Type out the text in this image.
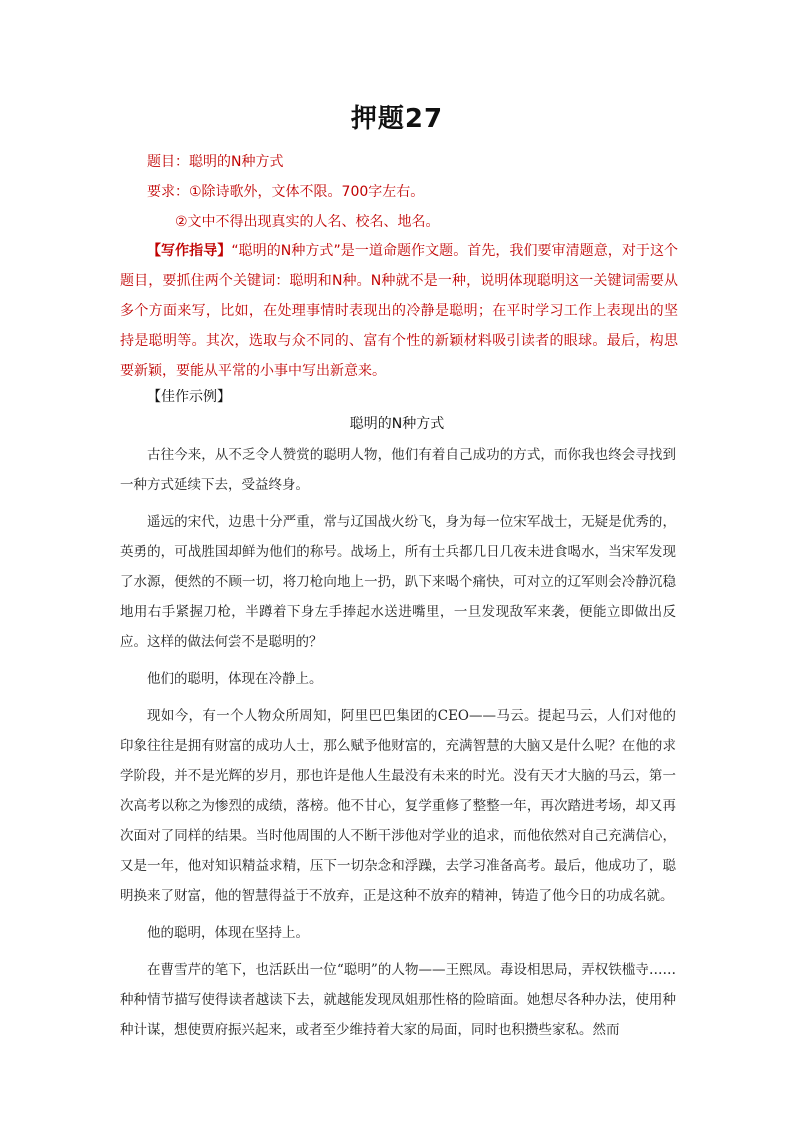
押题27
题目：聪明的N种方式
要求：①除诗歌外，文体不限。700字左右。
②文中不得出现真实的人名、校名、地名。

【写作指导】“聪明的N种方式”是一道命题作文题。首先，我们要审清题意，对于这个题目，要抓住两个关键词：聪明和N种。N种就不是一种，说明体现聪明这一关键词需要从多个方面来写，比如，在处理事情时表现出的冷静是聪明；在平时学习工作上表现出的坚持是聪明等。其次，选取与众不同的、富有个性的新颖材料吸引读者的眼球。最后，构思要新颖，要能从平常的小事中写出新意来。

【佳作示例】
聪明的N种方式

古往今来，从不乏令人赞赏的聪明人物，他们有着自己成功的方式，而你我也终会寻找到一种方式延续下去，受益终身。

遥远的宋代，边患十分严重，常与辽国战火纷飞，身为每一位宋军战士，无疑是优秀的，英勇的，可战胜国却鲜为他们的称号。战场上，所有士兵都几日几夜未进食喝水，当宋军发现了水源，便然的不顾一切，将刀枪向地上一扔，趴下来喝个痛快，可对立的辽军则会冷静沉稳地用右手紧握刀枪，半蹲着下身左手捧起水送进嘴里，一旦发现敌军来袭，便能立即做出反应。这样的做法何尝不是聪明的？

他们的聪明，体现在冷静上。

现如今，有一个人物众所周知，阿里巴巴集团的CEO——马云。提起马云，人们对他的印象往往是拥有财富的成功人士，那么赋予他财富的，充满智慧的大脑又是什么呢？在他的求学阶段，并不是光辉的岁月，那也许是他人生最没有未来的时光。没有天才大脑的马云，第一次高考以称之为惨烈的成绩，落榜。他不甘心，复学重修了整整一年，再次踏进考场，却又再次面对了同样的结果。当时他周围的人不断干涉他对学业的追求，而他依然对自己充满信心，又是一年，他对知识精益求精，压下一切杂念和浮躁，去学习准备高考。最后，他成功了，聪明换来了财富，他的智慧得益于不放弃，正是这种不放弃的精神，铸造了他今日的功成名就。

他的聪明，体现在坚持上。

在曹雪芹的笔下，也活跃出一位“聪明”的人物——王熙凤。毒设相思局，弄权铁槛寺……种种情节描写使得读者越读下去，就越能发现凤姐那性格的险暗面。她想尽各种办法，使用种种计谋，想使贾府振兴起来，或者至少维持着大家的局面，同时也积攒些家私。然而
